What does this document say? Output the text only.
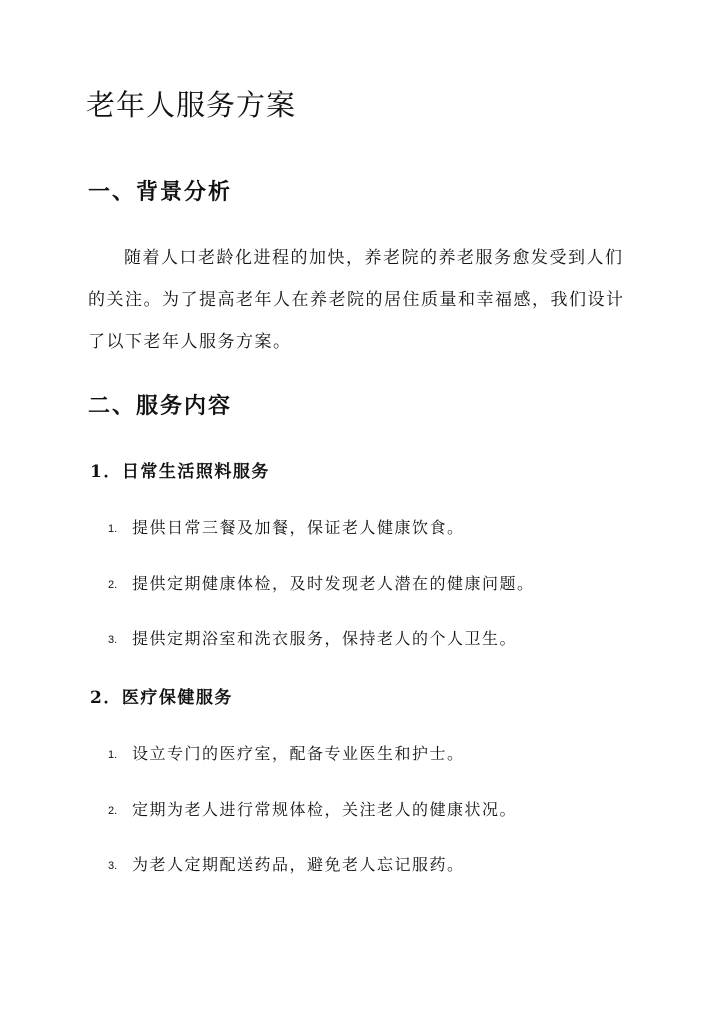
老年人服务方案
一、背景分析

随着人口老龄化进程的加快，养老院的养老服务愈发受到人们的关注。为了提高老年人在养老院的居住质量和幸福感，我们设计了以下老年人服务方案。

二、服务内容
1．日常生活照料服务
1. 提供日常三餐及加餐，保证老人健康饮食。
2. 提供定期健康体检，及时发现老人潜在的健康问题。
3. 提供定期浴室和洗衣服务，保持老人的个人卫生。
2．医疗保健服务
1. 设立专门的医疗室，配备专业医生和护士。
2. 定期为老人进行常规体检，关注老人的健康状况。
3. 为老人定期配送药品，避免老人忘记服药。
